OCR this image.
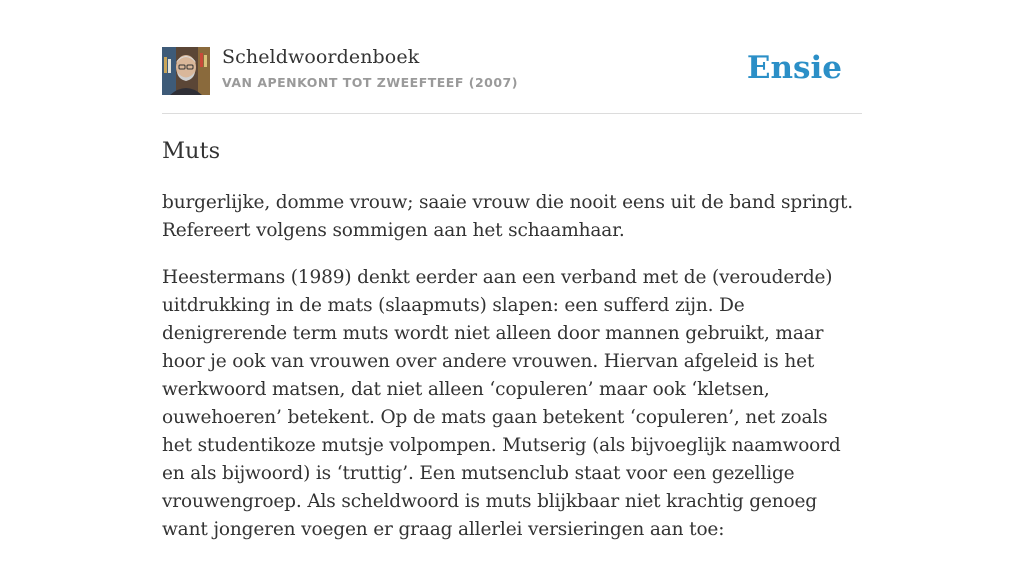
Scheldwoordenboek
VAN APENKONT TOT ZWEEFTEEF (2007)	Ensie
Muts

burgerlijke, domme vrouw; saaie vrouw die nooit eens uit de band springt. Refereert volgens sommigen aan het schaamhaar.

Heestermans (1989) denkt eerder aan een verband met de (verouderde) uitdrukking in de mats (slaapmuts) slapen: een sufferd zijn. De denigrerende term muts wordt niet alleen door mannen gebruikt, maar hoor je ook van vrouwen over andere vrouwen. Hiervan afgeleid is het werkwoord matsen, dat niet alleen ‘copuleren’ maar ook ‘kletsen, ouwehoeren’ betekent. Op de mats gaan betekent ‘copuleren’, net zoals het studentikoze mutsje volpompen. Mutserig (als bijvoeglijk naamwoord en als bijwoord) is ‘truttig’. Een mutsenclub staat voor een gezellige vrouwengroep. Als scheldwoord is muts blijkbaar niet krachtig genoeg want jongeren voegen er graag allerlei versieringen aan toe:
